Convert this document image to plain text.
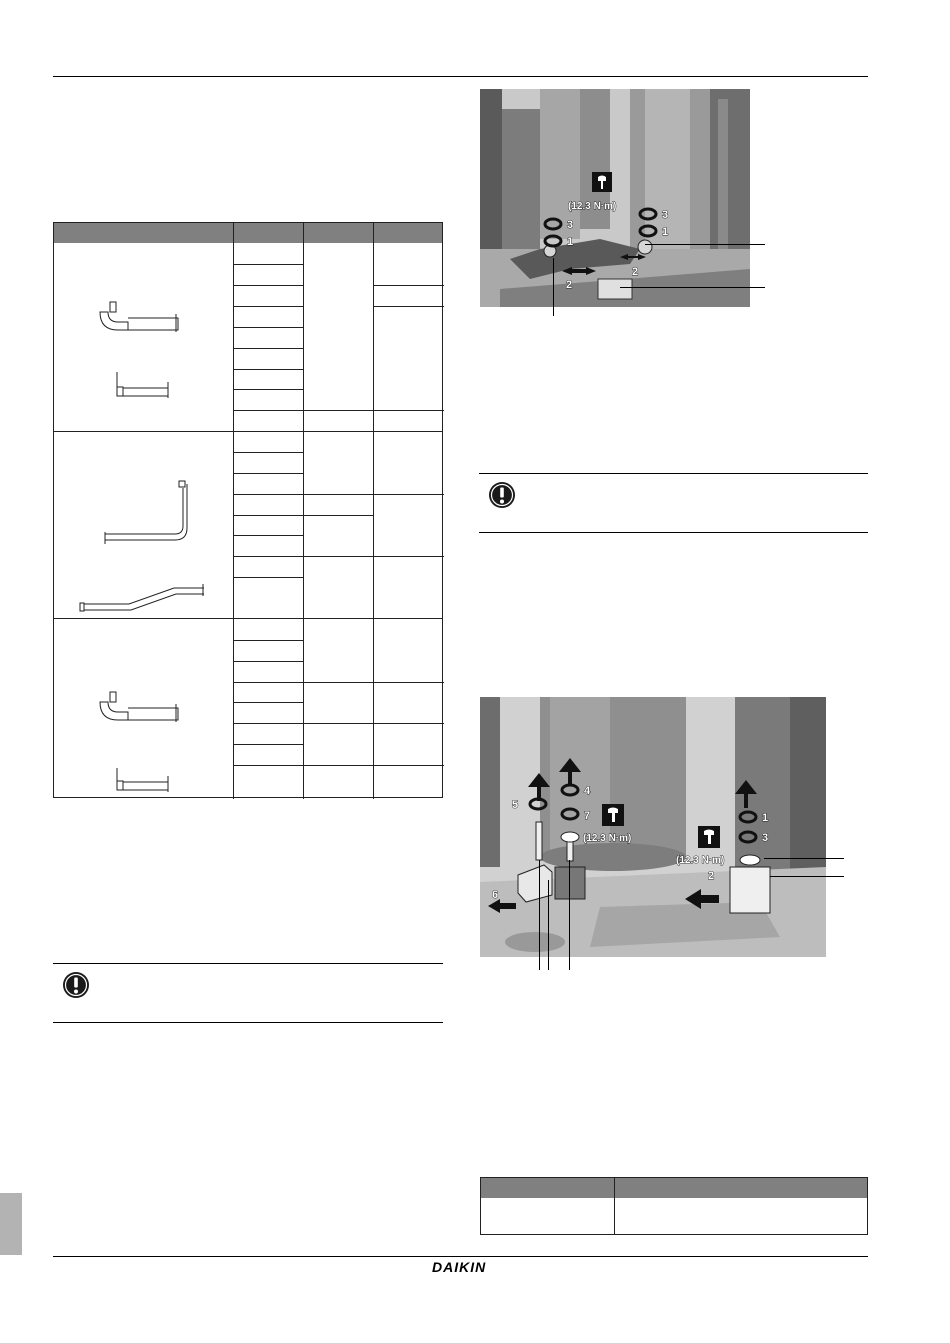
(12.3 N·m)
3
1
2
3
1
2
(12.3 N·m)
(12.3 N·m)
4
5
7
6
1
3
2
DAIKIN
